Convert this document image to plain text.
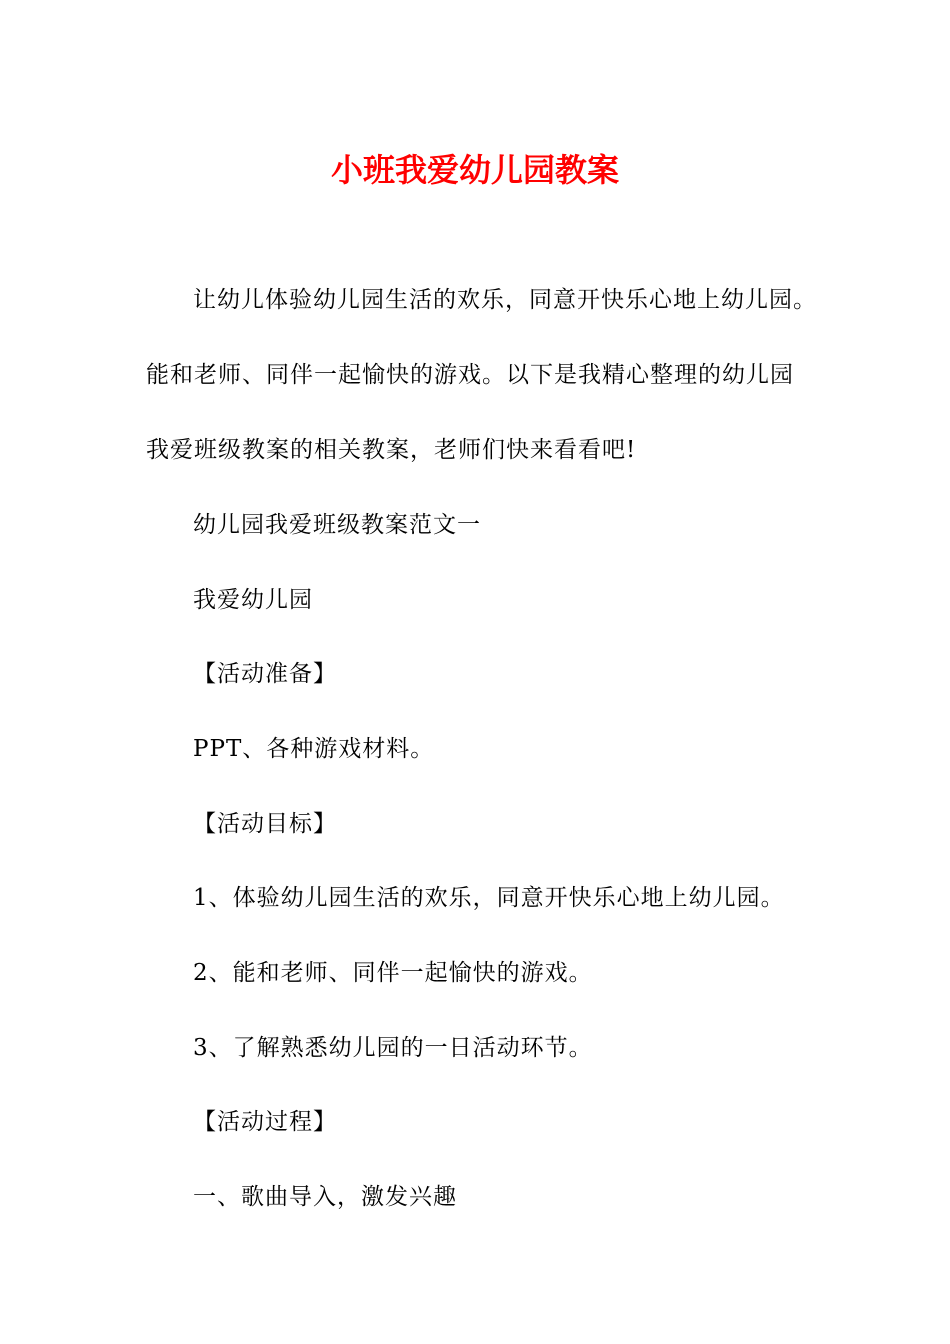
小班我爱幼儿园教案

让幼儿体验幼儿园生活的欢乐，同意开快乐心地上幼儿园。

能和老师、同伴一起愉快的游戏。以下是我精心整理的幼儿园

我爱班级教案的相关教案，老师们快来看看吧!

幼儿园我爱班级教案范文一

我爱幼儿园

【活动准备】

PPT、各种游戏材料。

【活动目标】

1、体验幼儿园生活的欢乐，同意开快乐心地上幼儿园。

2、能和老师、同伴一起愉快的游戏。

3、了解熟悉幼儿园的一日活动环节。

【活动过程】

一、歌曲导入，激发兴趣
